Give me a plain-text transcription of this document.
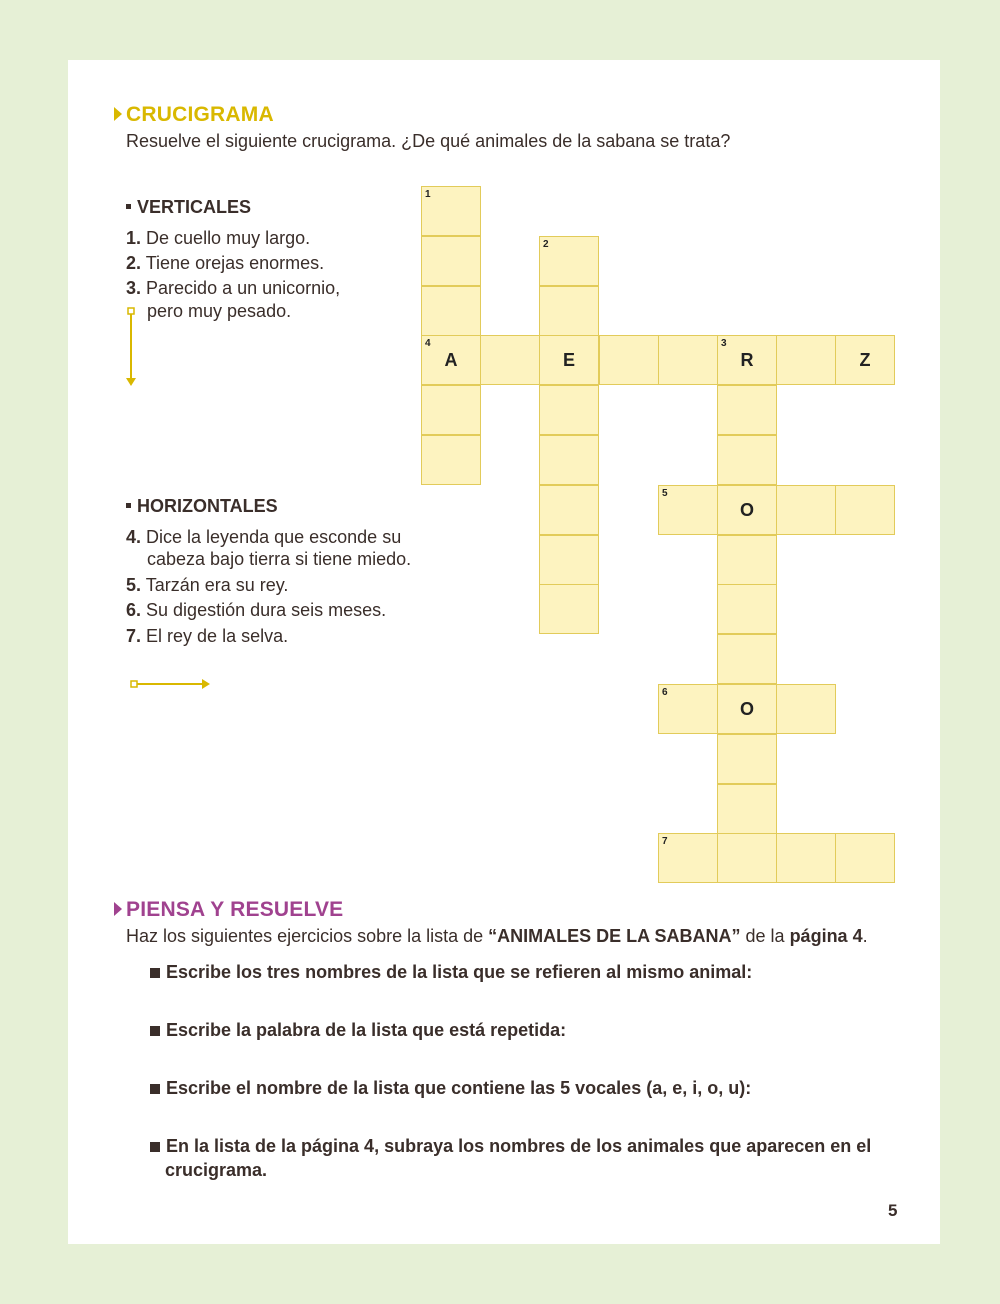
CRUCIGRAMA
Resuelve el siguiente crucigrama. ¿De qué animales de la sabana se trata?
VERTICALES
1. De cuello muy largo.
2. Tiene orejas enormes.
3. Parecido a un unicornio,
pero muy pesado.
HORIZONTALES
4. Dice la leyenda que esconde su
cabeza bajo tierra si tiene miedo.
5. Tarzán era su rey.
6. Su digestión dura seis meses.
7. El rey de la selva.
1
2
4
A	E
3
R	Z
5
O
6
O
7
PIENSA Y RESUELVE
Haz los siguientes ejercicios sobre la lista de “ANIMALES DE LA SABANA” de la página 4.
Escribe los tres nombres de la lista que se refieren al mismo animal:
Escribe la palabra de la lista que está repetida:
Escribe el nombre de la lista que contiene las 5 vocales (a, e, i, o, u):
En la lista de la página 4, subraya los nombres de los animales que aparecen en el
crucigrama.
5
